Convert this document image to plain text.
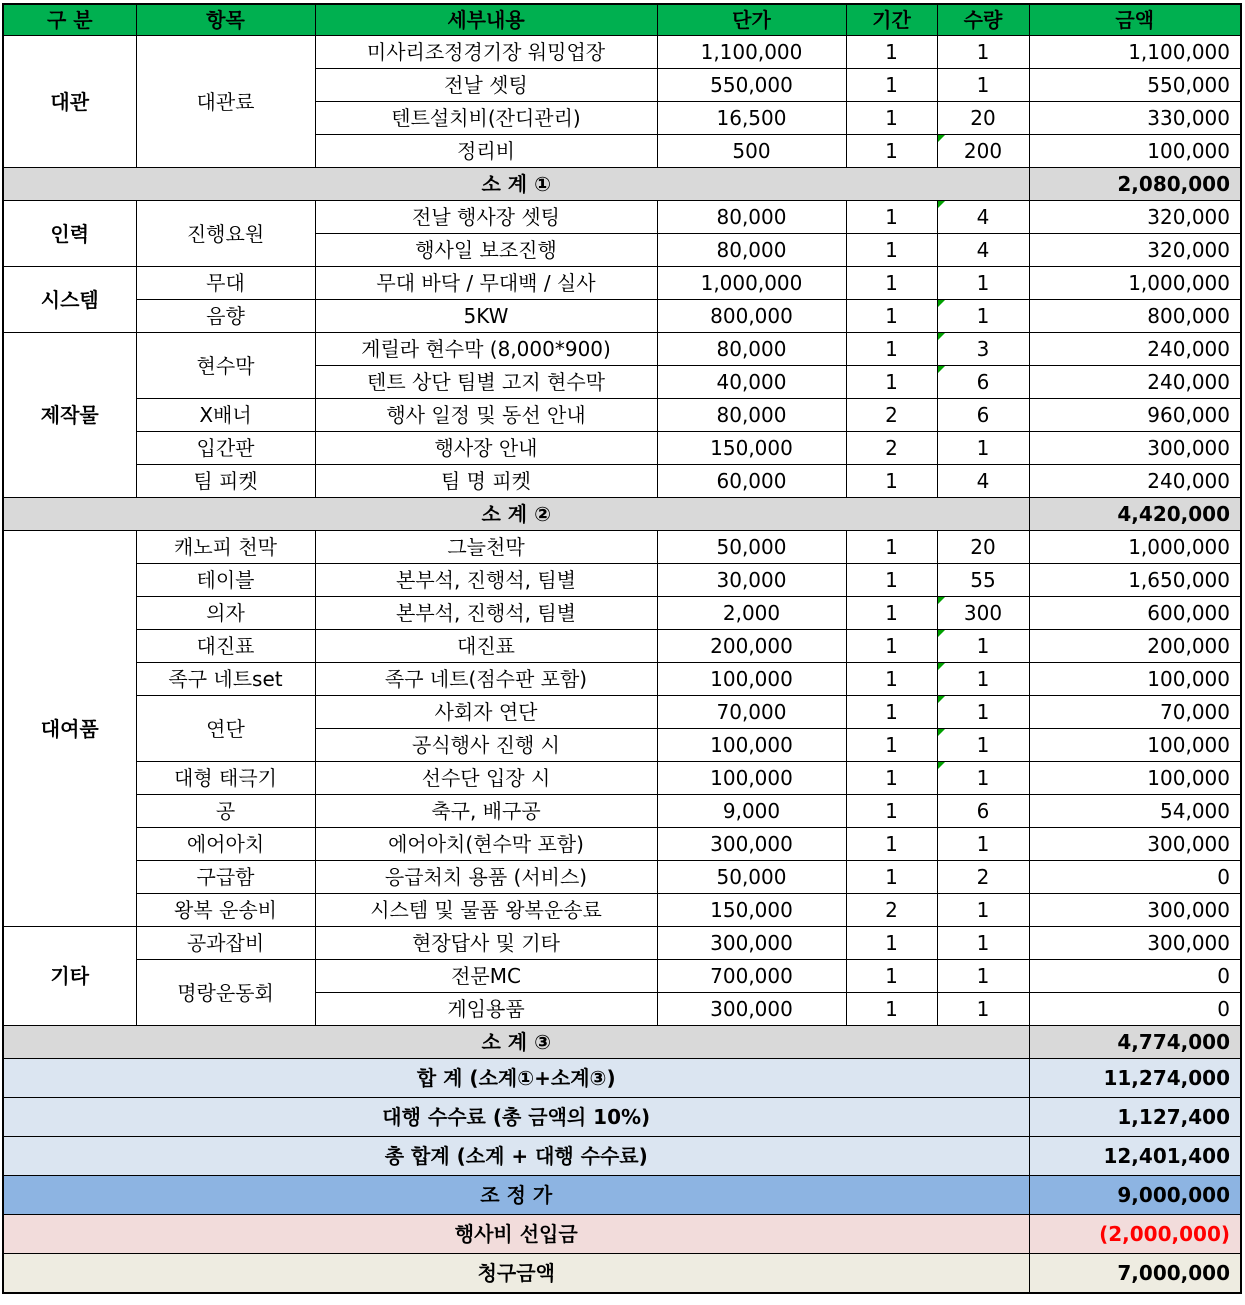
구 분	항목	세부내용	단가	기간	수량	금액
대관	대관료	미사리조정경기장 워밍업장	1,100,000	1	1	1,100,000
		전날 셋팅	550,000	1	1	550,000
		텐트설치비(잔디관리)	16,500	1	20	330,000
		정리비	500	1	200	100,000
소 계 ①						2,080,000
인력	진행요원	전날 행사장 셋팅	80,000	1	4	320,000
		행사일 보조진행	80,000	1	4	320,000
시스템	무대	무대 바닥 / 무대백 / 실사	1,000,000	1	1	1,000,000
	음향	5KW	800,000	1	1	800,000
제작물	현수막	게릴라 현수막 (8,000*900)	80,000	1	3	240,000
		텐트 상단 팀별 고지 현수막	40,000	1	6	240,000
	X배너	행사 일정 및 동선 안내	80,000	2	6	960,000
	입간판	행사장 안내	150,000	2	1	300,000
	팀 피켓	팀 명 피켓	60,000	1	4	240,000
소 계 ②						4,420,000
대여품	캐노피 천막	그늘천막	50,000	1	20	1,000,000
	테이블	본부석, 진행석, 팀별	30,000	1	55	1,650,000
	의자	본부석, 진행석, 팀별	2,000	1	300	600,000
	대진표	대진표	200,000	1	1	200,000
	족구 네트set	족구 네트(점수판 포함)	100,000	1	1	100,000
	연단	사회자 연단	70,000	1	1	70,000
		공식행사 진행 시	100,000	1	1	100,000
	대형 태극기	선수단 입장 시	100,000	1	1	100,000
	공	축구, 배구공	9,000	1	6	54,000
	에어아치	에어아치(현수막 포함)	300,000	1	1	300,000
	구급함	응급처치 용품 (서비스)	50,000	1	2	0
	왕복 운송비	시스템 및 물품 왕복운송료	150,000	2	1	300,000
기타	공과잡비	현장답사 및 기타	300,000	1	1	300,000
	명랑운동회	전문MC	700,000	1	1	0
		게임용품	300,000	1	1	0
소 계 ③						4,774,000
합 계 (소계①+소계③)						11,274,000
대행 수수료 (총 금액의 10%)						1,127,400
총 합계 (소계 + 대행 수수료)						12,401,400
조 정 가						9,000,000
행사비 선입금						(2,000,000)
청구금액						7,000,000
